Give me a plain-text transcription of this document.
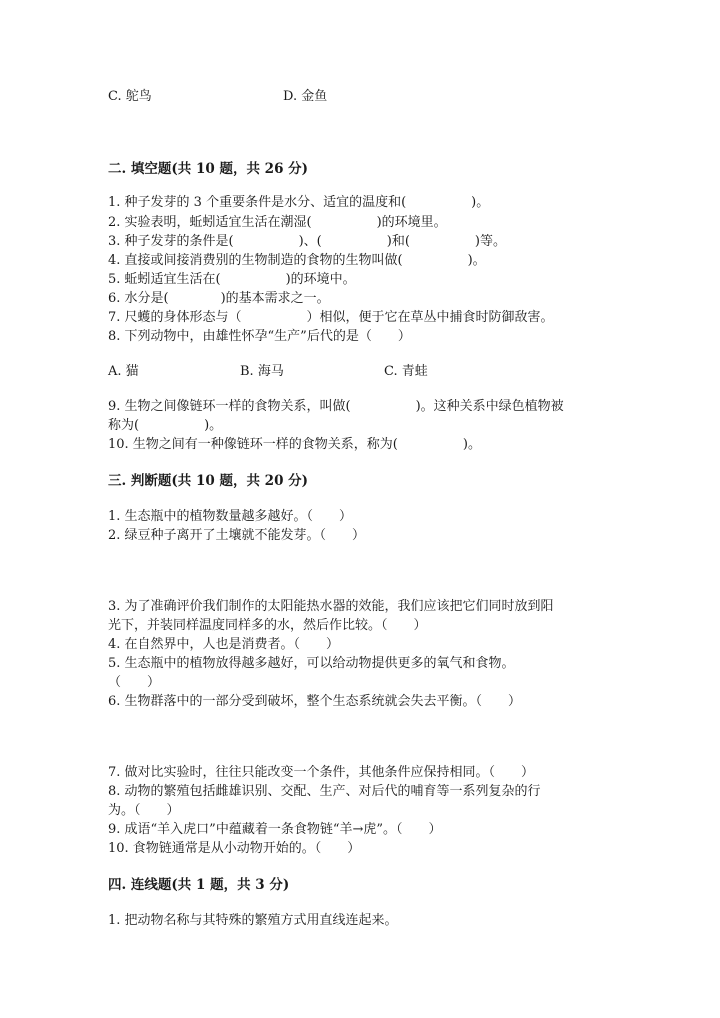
C. 鸵鸟	D. 金鱼
二. 填空题(共 10 题，共 26 分)
1. 种子发芽的 3 个重要条件是水分、适宜的温度和(　　　　　)。
2. 实验表明，蚯蚓适宜生活在潮湿(　　　　　)的环境里。
3. 种子发芽的条件是(　　　　　)、(　　　　　)和(　　　　　)等。
4. 直接或间接消费别的生物制造的食物的生物叫做(　　　　　)。
5. 蚯蚓适宜生活在(　　　　　)的环境中。
6. 水分是(　　　　)的基本需求之一。
7. 尺蠖的身体形态与（　　　　　）相似，便于它在草丛中捕食时防御敌害。
8. 下列动物中，由雄性怀孕“生产”后代的是（　　）
A. 猫	B. 海马	C. 青蛙
9. 生物之间像链环一样的食物关系，叫做(　　　　　)。这种关系中绿色植物被
称为(　　　　　)。
10. 生物之间有一种像链环一样的食物关系，称为(　　　　　)。
三. 判断题(共 10 题，共 20 分)
1. 生态瓶中的植物数量越多越好。（　　）
2. 绿豆种子离开了土壤就不能发芽。（　　）
3. 为了准确评价我们制作的太阳能热水器的效能，我们应该把它们同时放到阳
光下，并装同样温度同样多的水，然后作比较。（　　）
4. 在自然界中，人也是消费者。（　　）
5. 生态瓶中的植物放得越多越好，可以给动物提供更多的氧气和食物。
（　　）
6. 生物群落中的一部分受到破坏，整个生态系统就会失去平衡。（　　）
7. 做对比实验时，往往只能改变一个条件，其他条件应保持相同。（　　）
8. 动物的繁殖包括雌雄识别、交配、生产、对后代的哺育等一系列复杂的行
为。（　　）
9. 成语“羊入虎口”中蕴藏着一条食物链“羊→虎”。（　　）
10. 食物链通常是从小动物开始的。（　　）
四. 连线题(共 1 题，共 3 分)
1. 把动物名称与其特殊的繁殖方式用直线连起来。
